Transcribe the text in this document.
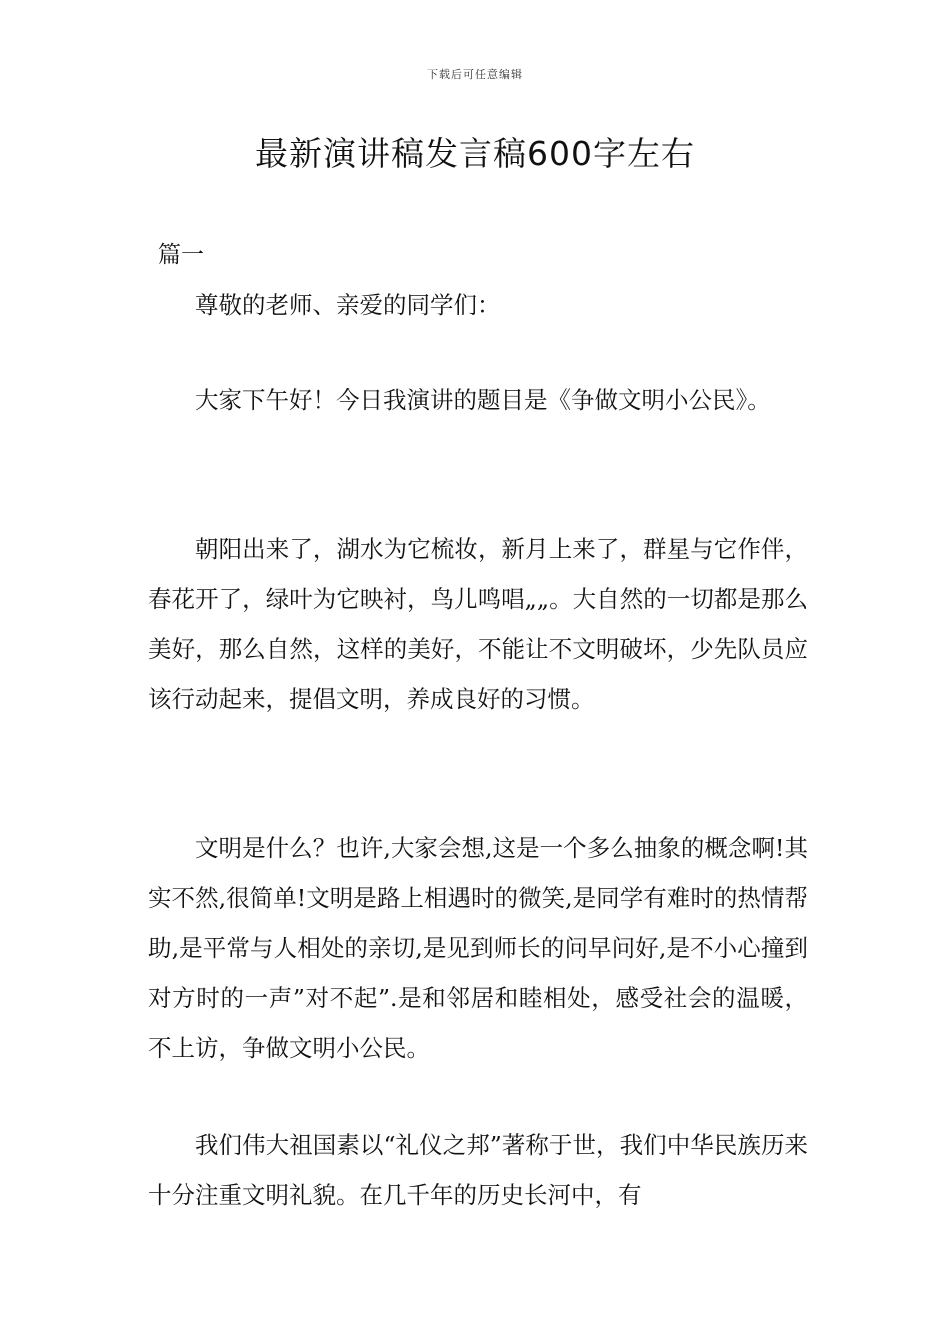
下载后可任意编辑
最新演讲稿发言稿600字左右
篇一

尊敬的老师、亲爱的同学们：

大家下午好！今日我演讲的题目是《争做文明小公民》。

朝阳出来了，湖水为它梳妆，新月上来了，群星与它作伴，春花开了，绿叶为它映衬，鸟儿鸣唱„„。大自然的一切都是那么美好，那么自然，这样的美好，不能让不文明破坏，少先队员应该行动起来，提倡文明，养成良好的习惯。

文明是什么？也许,大家会想,这是一个多么抽象的概念啊!其实不然,很简单!文明是路上相遇时的微笑,是同学有难时的热情帮助,是平常与人相处的亲切,是见到师长的问早问好,是不小心撞到对方时的一声”对不起”.是和邻居和睦相处，感受社会的温暖，不上访，争做文明小公民。

我们伟大祖国素以“礼仪之邦”著称于世，我们中华民族历来十分注重文明礼貌。在几千年的历史长河中，有
